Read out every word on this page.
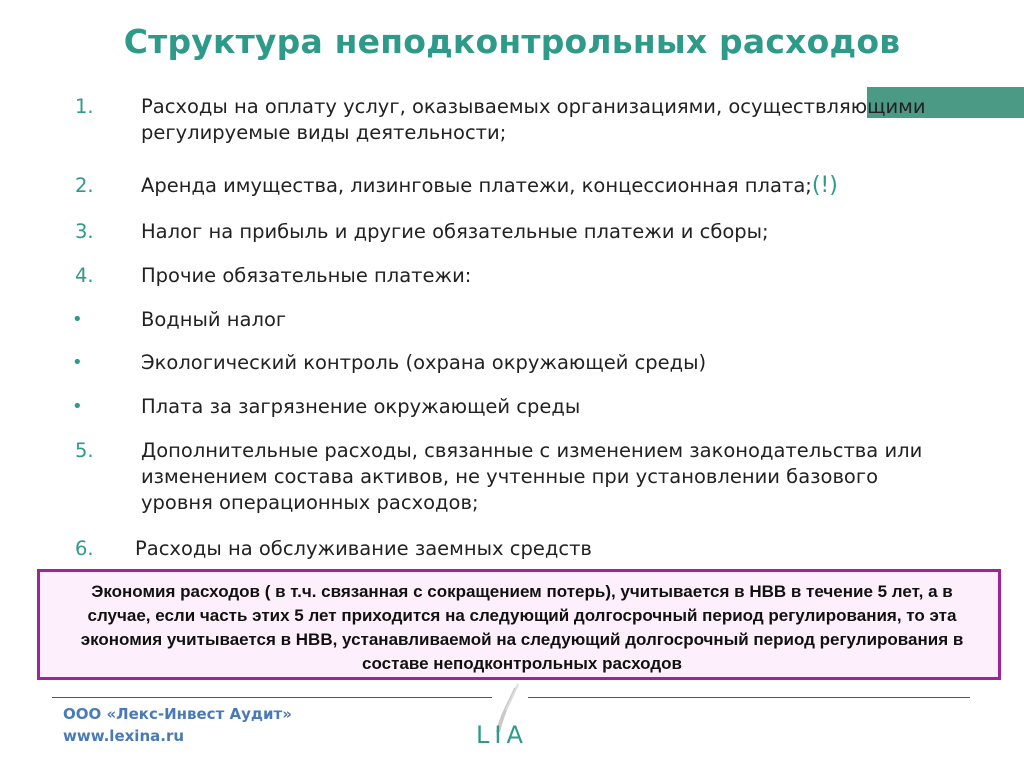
Структура неподконтрольных расходов
1. Расходы на оплату услуг, оказываемых организациями, осуществляющими регулируемые виды деятельности;
2. Аренда имущества, лизинговые платежи, концессионная плата;(!)
3. Налог на прибыль и другие обязательные платежи и сборы;
4. Прочие обязательные платежи:
•	Водный налог
•	Экологический контроль (охрана окружающей среды)
•	Плата за загрязнение окружающей среды
5. Дополнительные расходы, связанные с изменением законодательства или изменением состава активов, не учтенные при установлении базового уровня операционных расходов;
6. Расходы на обслуживание заемных средств
Экономия расходов ( в т.ч. связанная с сокращением потерь), учитывается в НВВ в течение 5 лет, а в случае, если часть этих 5 лет приходится на следующий долгосрочный период регулирования, то эта экономия учитывается в НВВ, устанавливаемой на следующий долгосрочный период регулирования в составе неподконтрольных расходов
ООО «Лекс-Инвест Аудит»
www.lexina.ru	LIA
